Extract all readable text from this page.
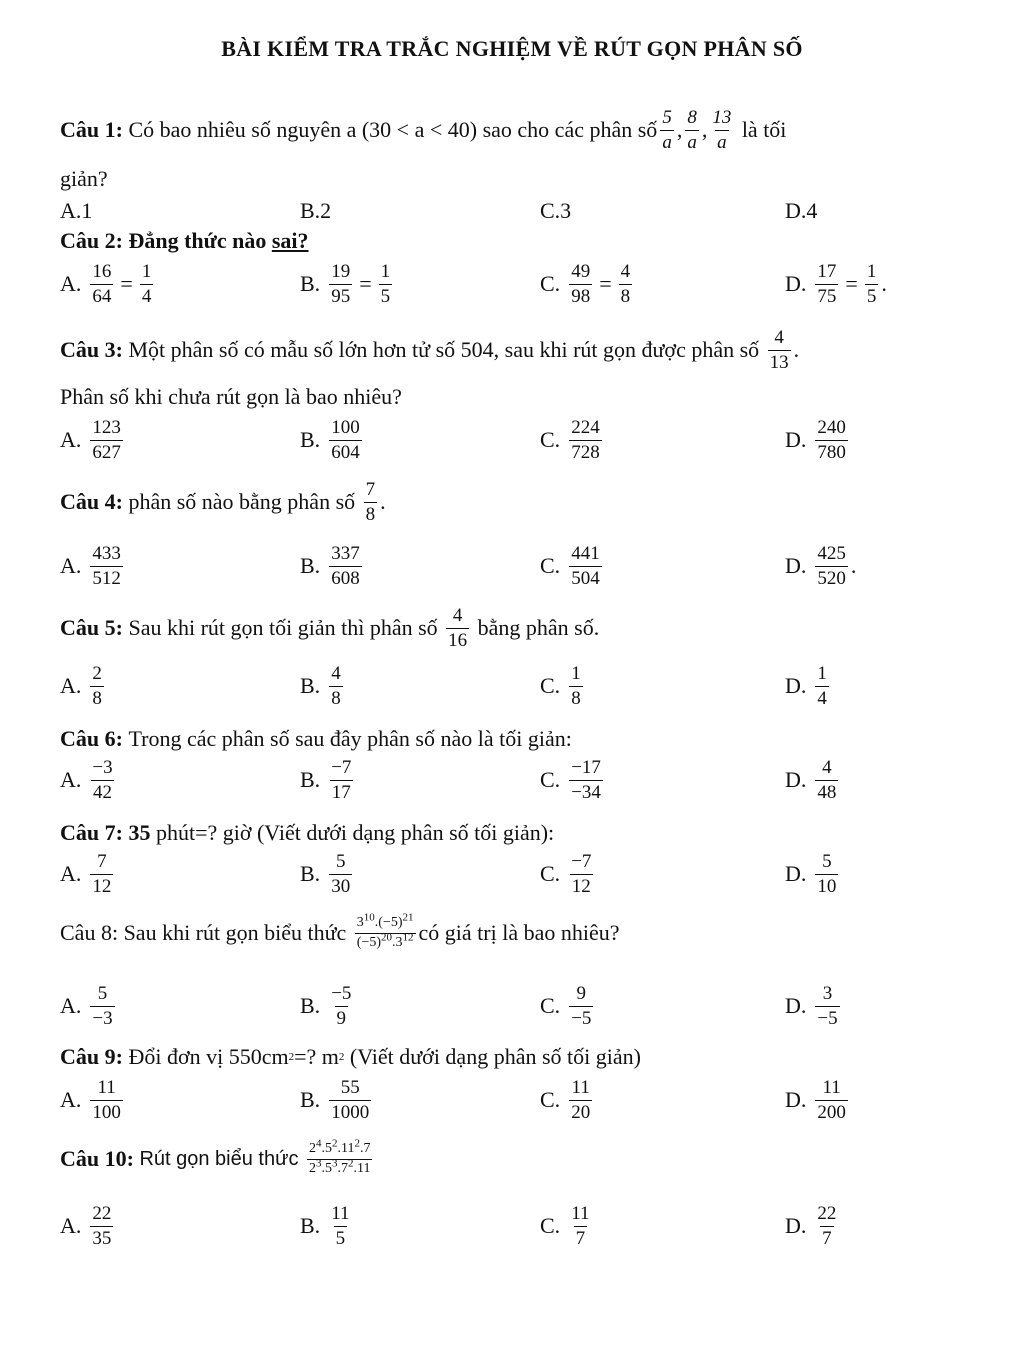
BÀI KIỂM TRA TRẮC NGHIỆM VỀ RÚT GỌN PHÂN SỐ
Câu 1:
Có bao nhiêu số nguyên a (30 < a < 40) sao cho các phân số $\frac{5}{a}$ , $\frac{8}{a}$ , $\frac{13}{a}$
là tối
giản?
A.1	B.2	C.3	D.4
Câu 2:
Đẳng thức nào
sai?
A. $\frac{16}{64} = \frac{1}{4}$	B. $\frac{19}{95} = \frac{1}{5}$	C. $\frac{49}{98} = \frac{4}{8}$	D. $\frac{17}{75} = \frac{1}{5}$ .
Câu 3:
Một phân số có mẫu số lớn hơn tử số 504, sau khi rút gọn được phân số
$\frac{4}{13}$ .
Phân số khi chưa rút gọn là bao nhiêu?
A. $\frac{123}{627}$	B. $\frac{100}{604}$	C. $\frac{224}{728}$	D. $\frac{240}{780}$
Câu 4:
phân số nào bằng phân số
$\frac{7}{8}$ .
A. $\frac{433}{512}$	B. $\frac{337}{608}$	C. $\frac{441}{504}$	D. $\frac{425}{520}$ .
Câu 5:
Sau khi rút gọn tối giản thì phân số
$\frac{4}{16}$
bằng phân số.
A. $\frac{2}{8}$	B. $\frac{4}{8}$	C. $\frac{1}{8}$	D. $\frac{1}{4}$
Câu 6:
Trong các phân số sau đây phân số nào là tối giản:
A. $\frac{-3}{42}$	B. $\frac{-7}{17}$	C. $\frac{-17}{-34}$	D. $\frac{4}{48}$
Câu 7: 35
phút=? giờ (Viết dưới dạng phân số tối giản):
A. $\frac{7}{12}$	B. $\frac{5}{30}$	C. $\frac{-7}{12}$	D. $\frac{5}{10}$
Câu 8:
Sau khi rút gọn biểu thức
$\frac{3^{10}.(-5)^{21}}{(-5)^{20}.3^{12}}$ có giá trị là bao nhiêu?
A. $\frac{5}{-3}$	B. $\frac{-5}{9}$	C. $\frac{9}{-5}$	D. $\frac{3}{-5}$
Câu 9:
Đổi đơn vị 550cm 2 =? m 2 (Viết dưới dạng phân số tối giản)
A. $\frac{11}{100}$	B. $\frac{55}{1000}$	C. $\frac{11}{20}$	D. $\frac{11}{200}$
Câu 10:
Rút gọn biểu thức
$\frac{2^4.5^2.11^2.7}{2^3.5^3.7^2.11}$
A. $\frac{22}{35}$	B. $\frac{11}{5}$	C. $\frac{11}{7}$	D. $\frac{22}{7}$
